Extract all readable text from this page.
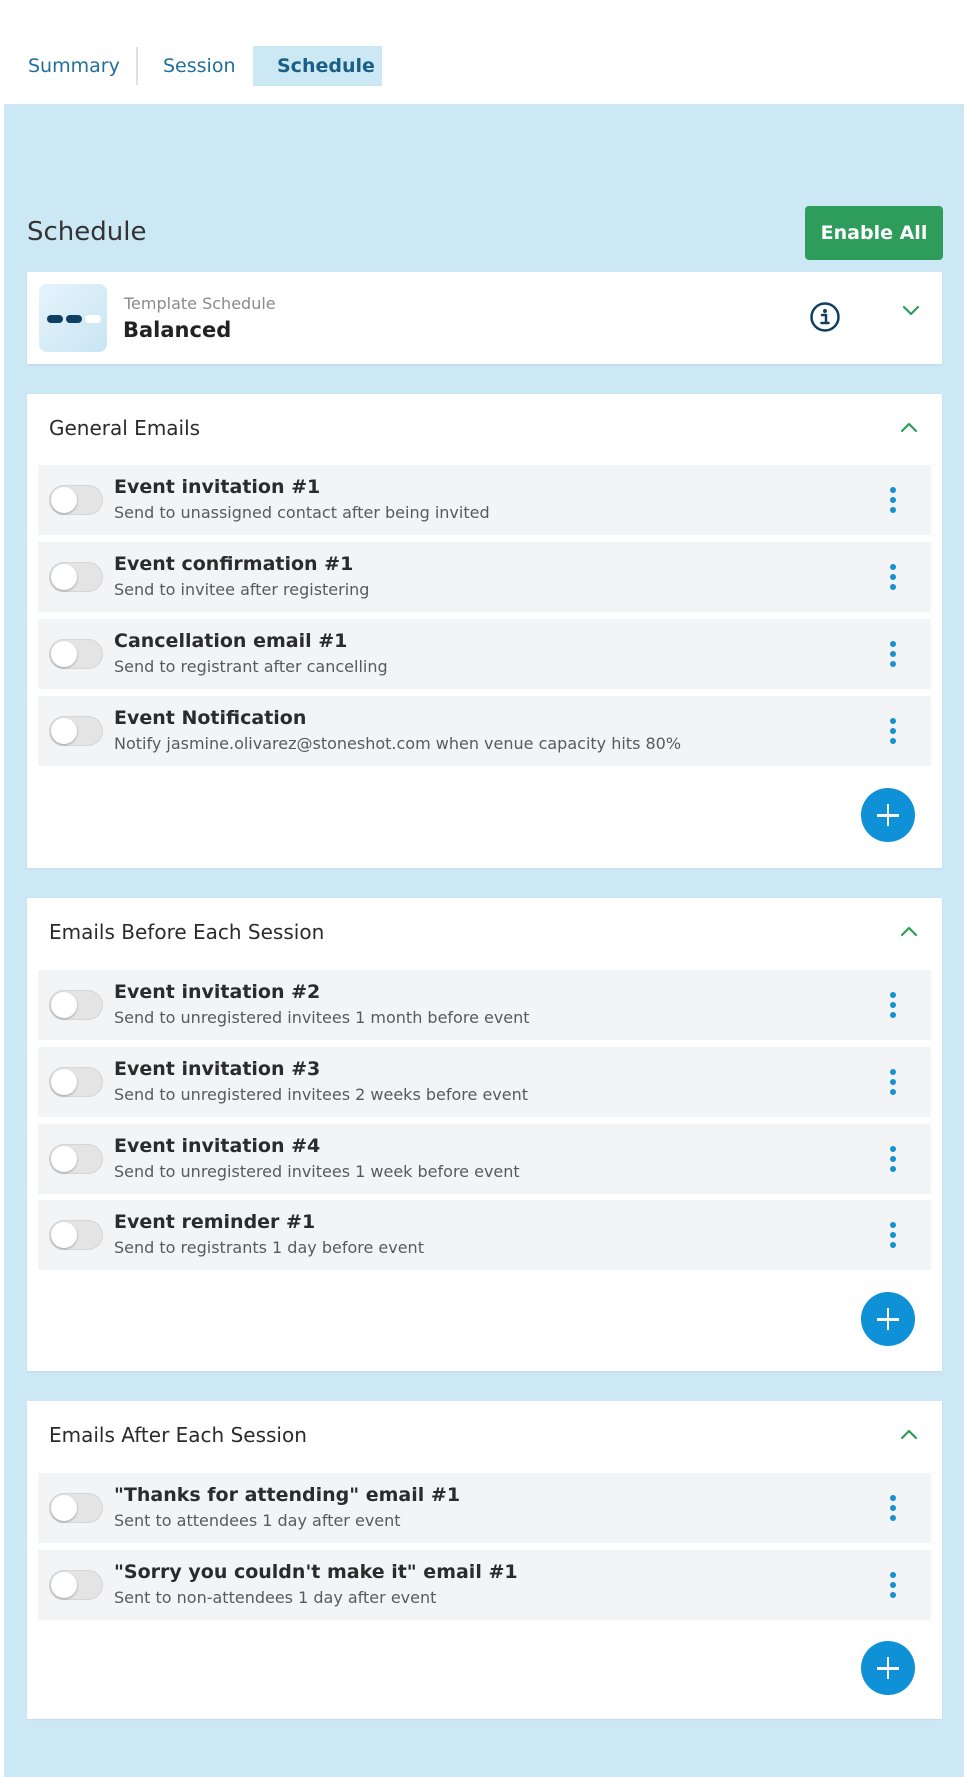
Summary	Session	Schedule
Schedule	Enable All
Template Schedule
Balanced
General Emails
Event invitation #1
Send to unassigned contact after being invited
Event confirmation #1
Send to invitee after registering
Cancellation email #1
Send to registrant after cancelling
Event Notification
Notify jasmine.olivarez@stoneshot.com when venue capacity hits 80%
Emails Before Each Session
Event invitation #2
Send to unregistered invitees 1 month before event
Event invitation #3
Send to unregistered invitees 2 weeks before event
Event invitation #4
Send to unregistered invitees 1 week before event
Event reminder #1
Send to registrants 1 day before event
Emails After Each Session
"Thanks for attending" email #1
Sent to attendees 1 day after event
"Sorry you couldn't make it" email #1
Sent to non-attendees 1 day after event
